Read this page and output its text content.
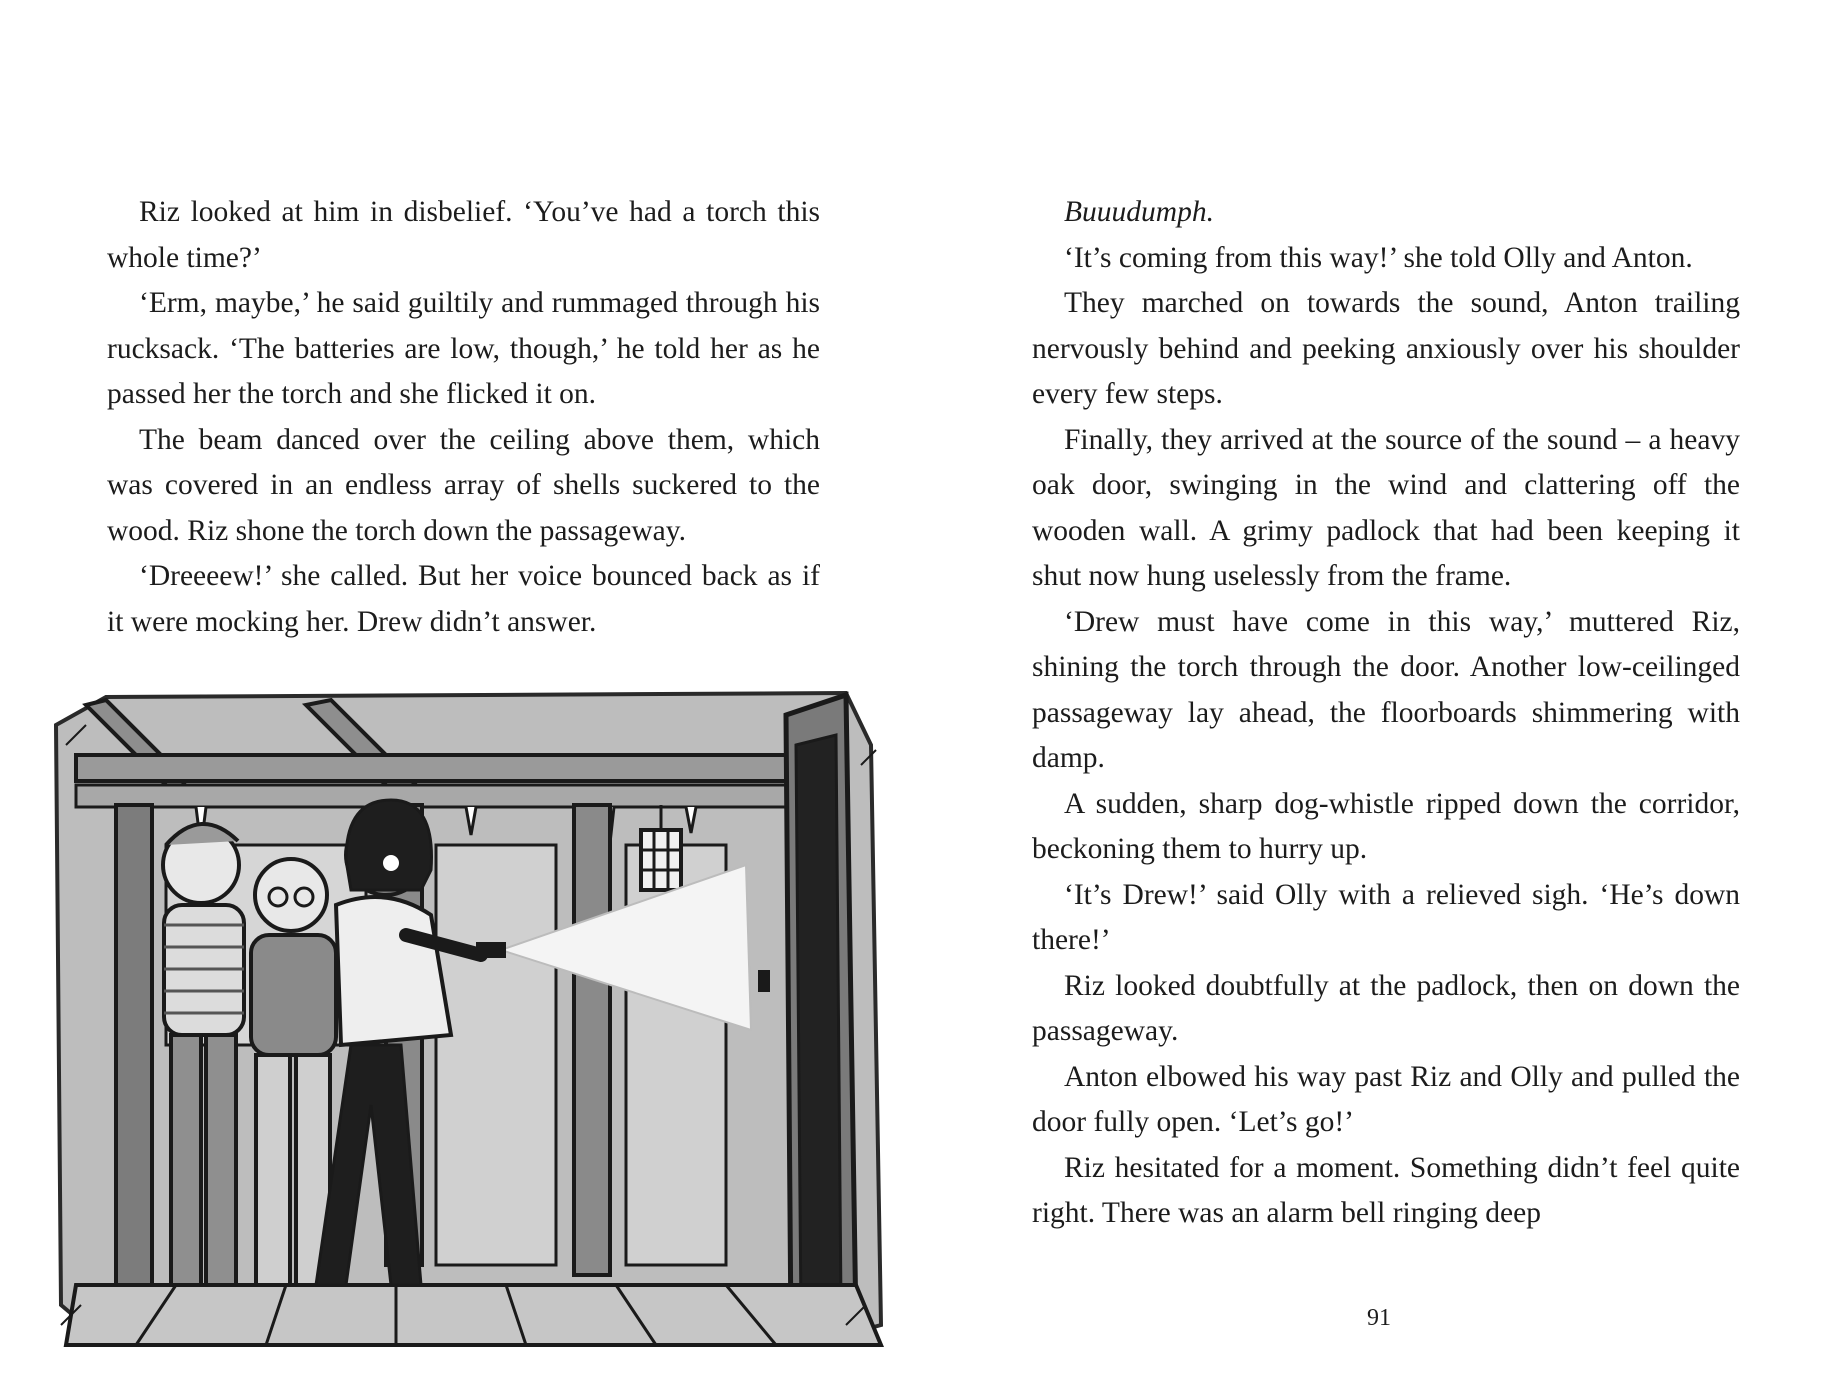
Riz looked at him in disbelief. ‘You’ve had a torch this whole time?’

‘Erm, maybe,’ he said guiltily and rummaged through his rucksack. ‘The batteries are low, though,’ he told her as he passed her the torch and she flicked it on.

The beam danced over the ceiling above them, which was covered in an endless array of shells suckered to the wood. Riz shone the torch down the passageway.

‘Dreeeew!’ she called. But her voice bounced back as if it were mocking her. Drew didn’t answer.

Buuudumph.

‘It’s coming from this way!’ she told Olly and Anton.

They marched on towards the sound, Anton trailing nervously behind and peeking anxiously over his shoulder every few steps.

Finally, they arrived at the source of the sound – a heavy oak door, swinging in the wind and clattering off the wooden wall. A grimy padlock that had been keeping it shut now hung uselessly from the frame.

‘Drew must have come in this way,’ muttered Riz, shining the torch through the door. Another low-ceilinged passageway lay ahead, the floorboards shimmering with damp.

A sudden, sharp dog-whistle ripped down the corridor, beckoning them to hurry up.

‘It’s Drew!’ said Olly with a relieved sigh. ‘He’s down there!’

Riz looked doubtfully at the padlock, then on down the passageway.

Anton elbowed his way past Riz and Olly and pulled the door fully open. ‘Let’s go!’

Riz hesitated for a moment. Something didn’t feel quite right. There was an alarm bell ringing deep

91
